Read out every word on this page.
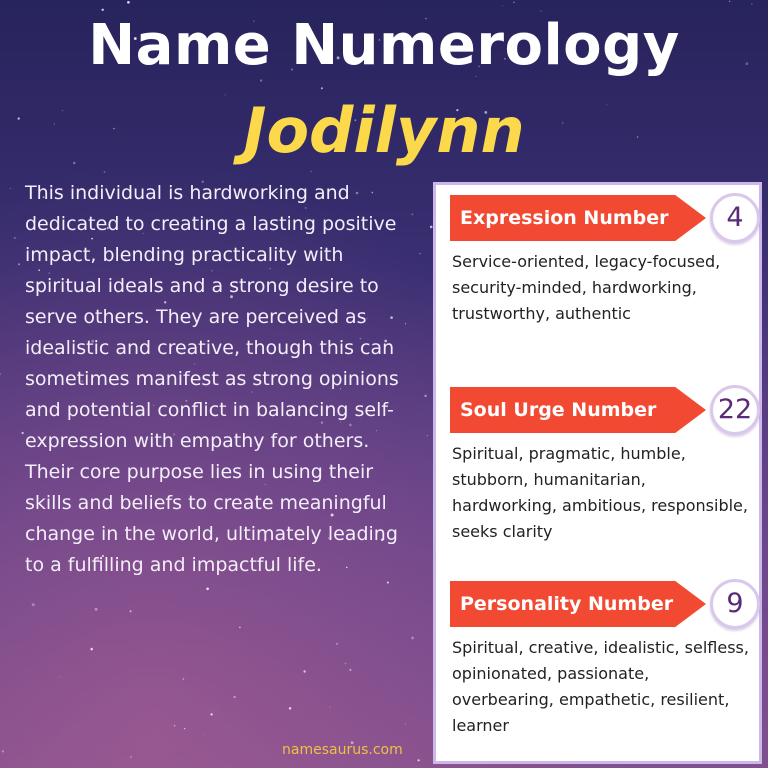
Name Numerology
Jodilynn

This individual is hardworking and dedicated to creating a lasting positive impact, blending practicality with spiritual ideals and a strong desire to serve others. They are perceived as idealistic and creative, though this can sometimes manifest as strong opinions and potential conflict in balancing self-expression with empathy for others. Their core purpose lies in using their skills and beliefs to create meaningful change in the world, ultimately leading to a fulfilling and impactful life.

Expression Number	4
Service-oriented, legacy-focused, security-minded, hardworking, trustworthy, authentic
Soul Urge Number 22
Spiritual, pragmatic, humble, stubborn, humanitarian, hardworking, ambitious, responsible, seeks clarity
Personality Number	9
Spiritual, creative, idealistic, selfless, opinionated, passionate, overbearing, empathetic, resilient, learner
namesaurus.com
